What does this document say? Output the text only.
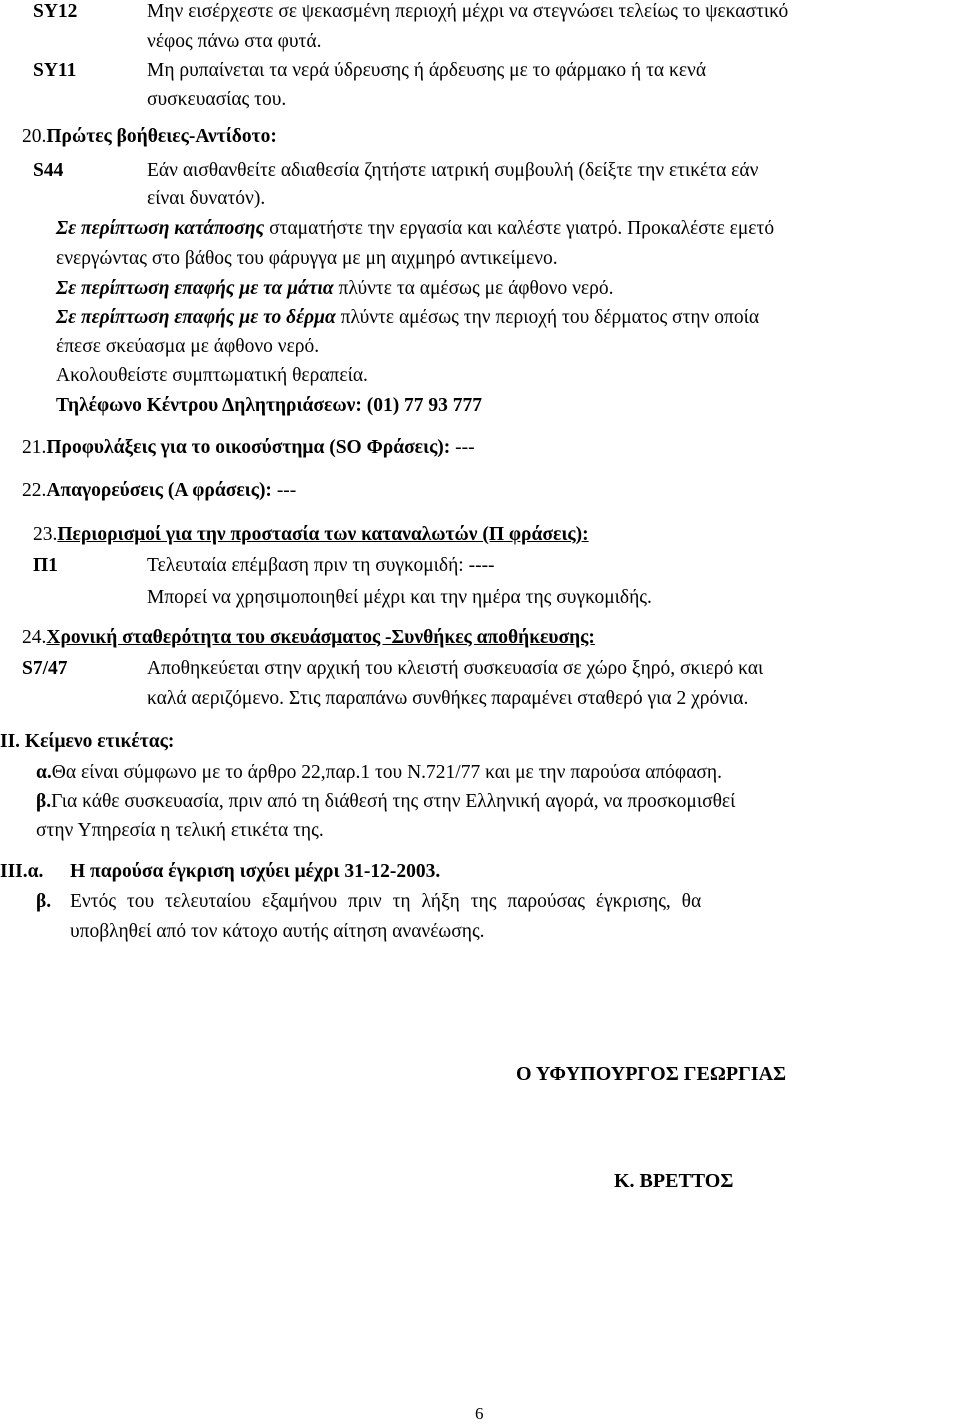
SY12	Μην εισέρχεστε σε ψεκασμένη περιοχή μέχρι να στεγνώσει τελείως το ψεκαστικό
νέφος πάνω στα φυτά.
SY11	Μη ρυπαίνεται τα νερά ύδρευσης ή άρδευσης με το φάρμακο ή τα κενά
συσκευασίας του.
20.Πρώτες βοήθειες-Αντίδοτο:
S44	Εάν αισθανθείτε αδιαθεσία ζητήστε ιατρική συμβουλή (δείξτε την ετικέτα εάν
είναι δυνατόν).
Σε περίπτωση κατάποσης σταματήστε την εργασία και καλέστε γιατρό. Προκαλέστε εμετό
ενεργώντας στο βάθος του φάρυγγα με μη αιχμηρό αντικείμενο.
Σε περίπτωση επαφής με τα μάτια πλύντε τα αμέσως με άφθονο νερό.
Σε περίπτωση επαφής με το δέρμα πλύντε αμέσως την περιοχή του δέρματος στην οποία
έπεσε σκεύασμα με άφθονο νερό.
Ακολουθείστε συμπτωματική θεραπεία.
Τηλέφωνο Κέντρου Δηλητηριάσεων: (01) 77 93 777
21.Προφυλάξεις για το οικοσύστημα (SO Φράσεις): ---
22.Απαγορεύσεις (Α φράσεις): ---
23.Περιορισμοί για την προστασία των καταναλωτών (Π φράσεις):
Π1	Τελευταία επέμβαση πριν τη συγκομιδή: ----
Μπορεί να χρησιμοποιηθεί μέχρι και την ημέρα της συγκομιδής.
24.Χρονική σταθερότητα του σκευάσματος -Συνθήκες αποθήκευσης:
S7/47	Αποθηκεύεται στην αρχική του κλειστή συσκευασία σε χώρο ξηρό, σκιερό και
καλά αεριζόμενο. Στις παραπάνω συνθήκες παραμένει σταθερό για 2 χρόνια.
ΙΙ. Κείμενο ετικέτας:
α.Θα είναι σύμφωνο με το άρθρο 22,παρ.1 του Ν.721/77 και με την παρούσα απόφαση.
β.Για κάθε συσκευασία, πριν από τη διάθεσή της στην Ελληνική αγορά, να προσκομισθεί
στην Υπηρεσία η τελική ετικέτα της.
ΙΙΙ.α. Η παρούσα έγκριση ισχύει μέχρι 31-12-2003.
β. Εντός του τελευταίου εξαμήνου πριν τη λήξη της παρούσας έγκρισης, θα
υποβληθεί από τον κάτοχο αυτής αίτηση ανανέωσης.
Ο ΥΦΥΠΟΥΡΓΟΣ ΓΕΩΡΓΙΑΣ
Κ. ΒΡΕΤΤΟΣ
6
